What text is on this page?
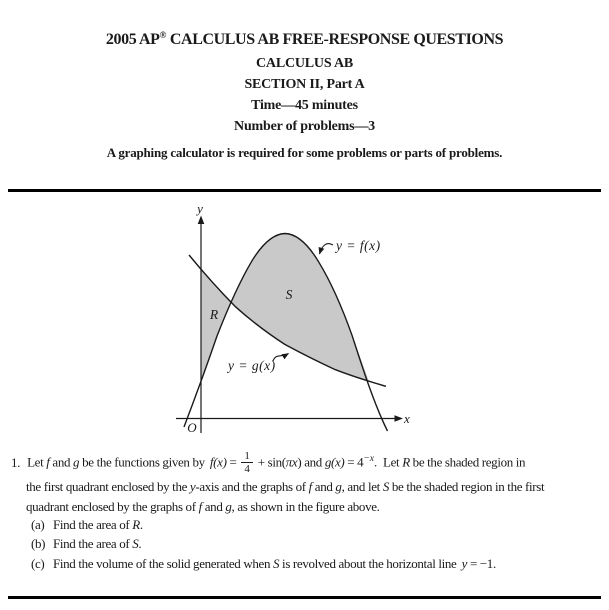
2005 AP® CALCULUS AB FREE-RESPONSE QUESTIONS
CALCULUS AB
SECTION II, Part A
Time—45 minutes
Number of problems—3
A graphing calculator is required for some problems or parts of problems.
y
x
O
R
S
y = f(x)
y = g(x)
1. Let f and g be the functions given by  $f(x) = \frac{1}{4} + \sin(\pi x)$ and $g(x) = 4^{-x}$. Let R be the shaded region in
the first quadrant enclosed by the y-axis and the graphs of f and g, and let S be the shaded region in the first
quadrant enclosed by the graphs of f and g, as shown in the figure above.
(a) Find the area of R.
(b) Find the area of S.
(c) Find the volume of the solid generated when S is revolved about the horizontal line  y = −1.
